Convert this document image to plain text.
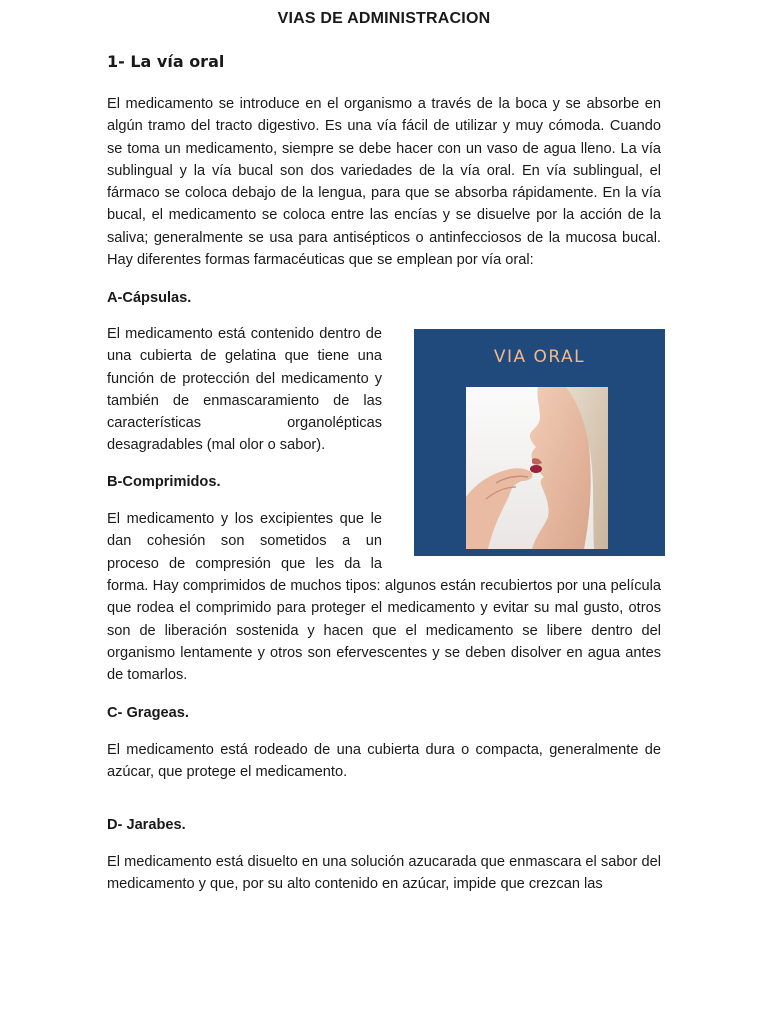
VIAS DE ADMINISTRACION
1- La vía oral

El medicamento se introduce en el organismo a través de la boca y se absorbe en algún tramo del tracto digestivo. Es una vía fácil de utilizar y muy cómoda. Cuando se toma un medicamento, siempre se debe hacer con un vaso de agua lleno. La vía sublingual y la vía bucal son dos variedades de la vía oral. En vía sublingual, el fármaco se coloca debajo de la lengua, para que se absorba rápidamente. En la vía bucal, el medicamento se coloca entre las encías y se disuelve por la acción de la saliva; generalmente se usa para antisépticos o antinfecciosos de la mucosa bucal. Hay diferentes formas farmacéuticas que se emplean por vía oral:

A-Cápsulas.

El medicamento está contenido dentro de una cubierta de gelatina que tiene una función de protección del medicamento y también de enmascaramiento de las características organolépticas desagradables (mal olor o sabor).

B-Comprimidos.

El medicamento y los excipientes que le
dan cohesión son sometidos a un
proceso de compresión que les da la

forma. Hay comprimidos de muchos tipos: algunos están recubiertos por una película que rodea el comprimido para proteger el medicamento y evitar su mal gusto, otros son de liberación sostenida y hacen que el medicamento se libere dentro del organismo lentamente y otros son efervescentes y se deben disolver en agua antes de tomarlos.

C- Grageas.

El medicamento está rodeado de una cubierta dura o compacta, generalmente de azúcar, que protege el medicamento.

D- Jarabes.

El medicamento está disuelto en una solución azucarada que enmascara el sabor del medicamento y que, por su alto contenido en azúcar, impide que crezcan las

VIA ORAL
